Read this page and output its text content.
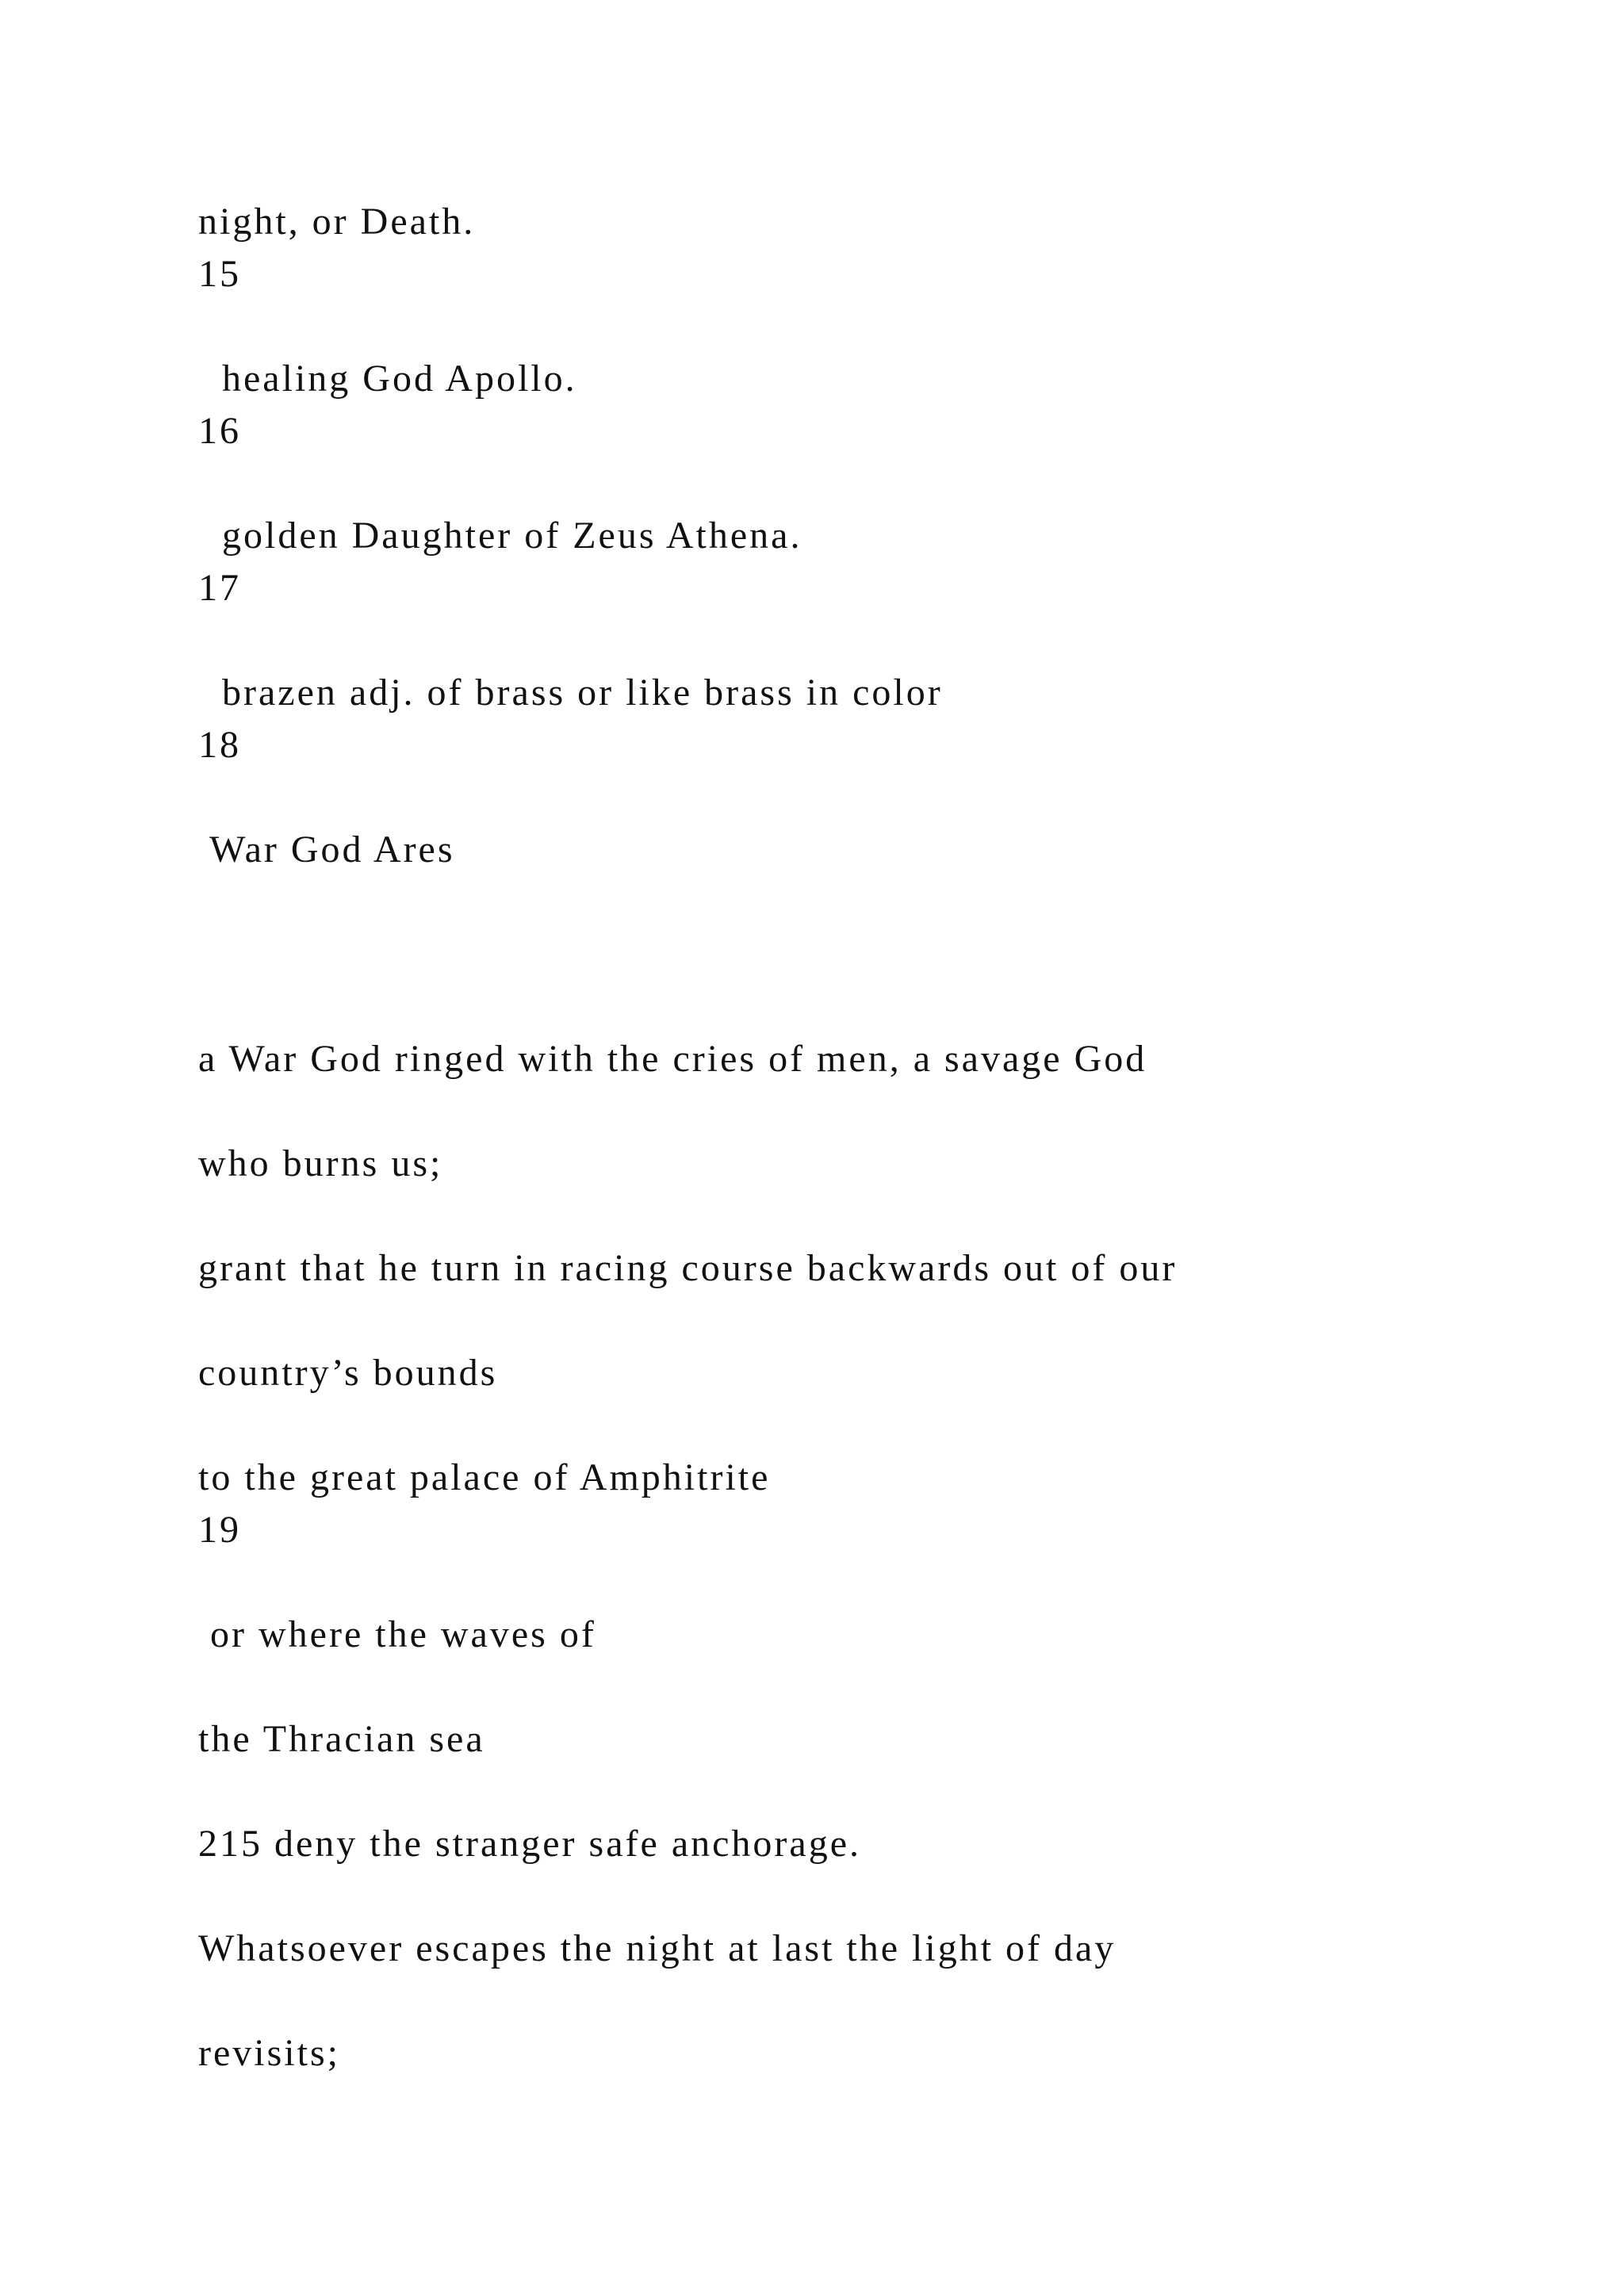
night, or Death.

15

healing God Apollo.

16

golden Daughter of Zeus Athena.

17

brazen adj. of brass or like brass in color

18

War God Ares

a War God ringed with the cries of men, a savage God

who burns us;

grant that he turn in racing course backwards out of our

country’s bounds

to the great palace of Amphitrite

19

or where the waves of

the Thracian sea

215 deny the stranger safe anchorage.

Whatsoever escapes the night at last the light of day

revisits;
